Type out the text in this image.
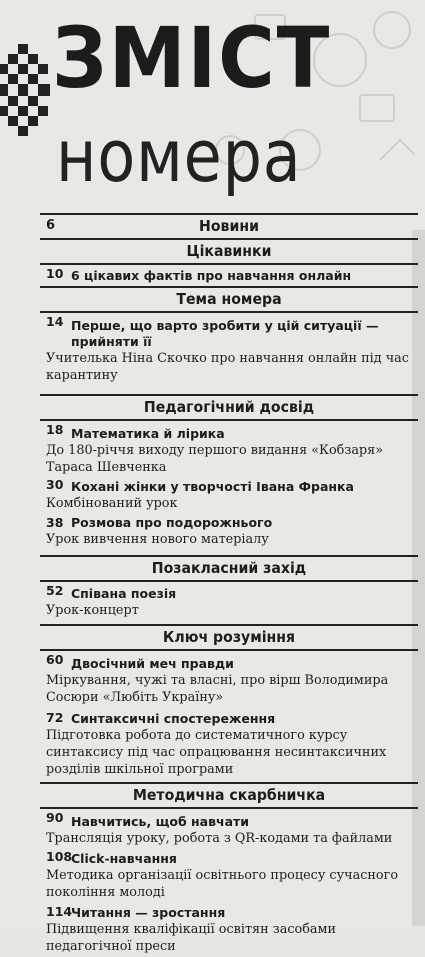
ЗМІСТ
номера
6	Новини
Цікавинки
10 6 цікавих фактів про навчання онлайн
Тема номера
14 Перше, що варто зробити у цій ситуації — прийняти її
Учителька Ніна Скочко про навчання онлайн під час карантину
Педагогічний досвід
18 Математика й лірика
До 180-річчя виходу першого видання «Кобзаря» Тараса Шевченка
30 Кохані жінки у творчості Івана Франка
Комбінований урок
38 Розмова про подорожнього
Урок вивчення нового матеріалу
Позакласний захід
52 Співана поезія
Урок-концерт
Ключ розуміння
60 Двосічний меч правди
Міркування, чужі та власні, про вірш Володимира Сосюри «Любіть Україну»
72 Синтаксичні спостереження
Підготовка робота до систематичного курсу синтаксису під час опрацювання несинтаксичних розділів шкільної програми
Методична скарбничка
90 Навчитись, щоб навчати
Трансляція уроку, робота з QR-кодами та файлами
108
Click-навчання
Методика організації освітнього процесу сучасного покоління молоді
114
Читання — зростання
Підвищення кваліфікації освітян засобами педагогічної преси
